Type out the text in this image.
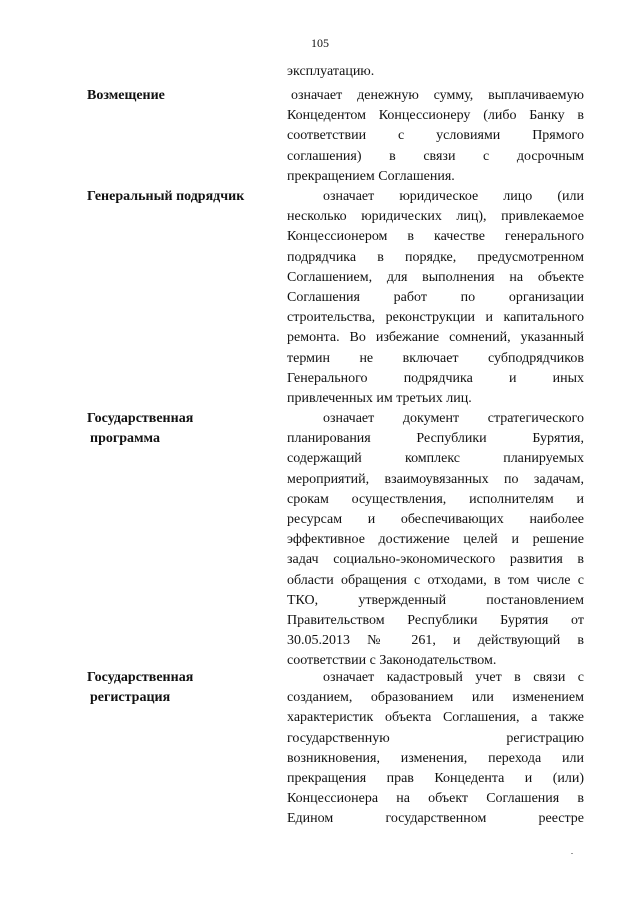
105
эксплуатацию.
Возмещение	означает денежную сумму, выплачиваемую
Концедентом Концессионеру (либо Банку в
соответствии с условиями Прямого
соглашения) в связи с досрочным
прекращением Соглашения.
Генеральный подрядчик	означает юридическое лицо (или
несколько юридических лиц), привлекаемое
Концессионером в качестве генерального
подрядчика в порядке, предусмотренном
Соглашением, для выполнения на объекте
Соглашения работ по организации
строительства, реконструкции и капитального
ремонта. Во избежание сомнений, указанный
термин не включает субподрядчиков
Генерального подрядчика и иных
привлеченных им третьих лиц.
Государственная
программа
означает документ стратегического
планирования Республики Бурятия,
содержащий комплекс планируемых
мероприятий, взаимоувязанных по задачам,
срокам осуществления, исполнителям и
ресурсам и обеспечивающих наиболее
эффективное достижение целей и решение
задач социально-экономического развития в
области обращения с отходами, в том числе с
ТКО, утвержденный постановлением
Правительством Республики Бурятия от
30.05.2013 № 261, и действующий в
соответствии с Законодательством.
Государственная
регистрация
означает кадастровый учет в связи с
созданием, образованием или изменением
характеристик объекта Соглашения, а также
государственную регистрацию
возникновения, изменения, перехода или
прекращения прав Концедента и (или)
Концессионера на объект Соглашения в
Едином государственном реестре
